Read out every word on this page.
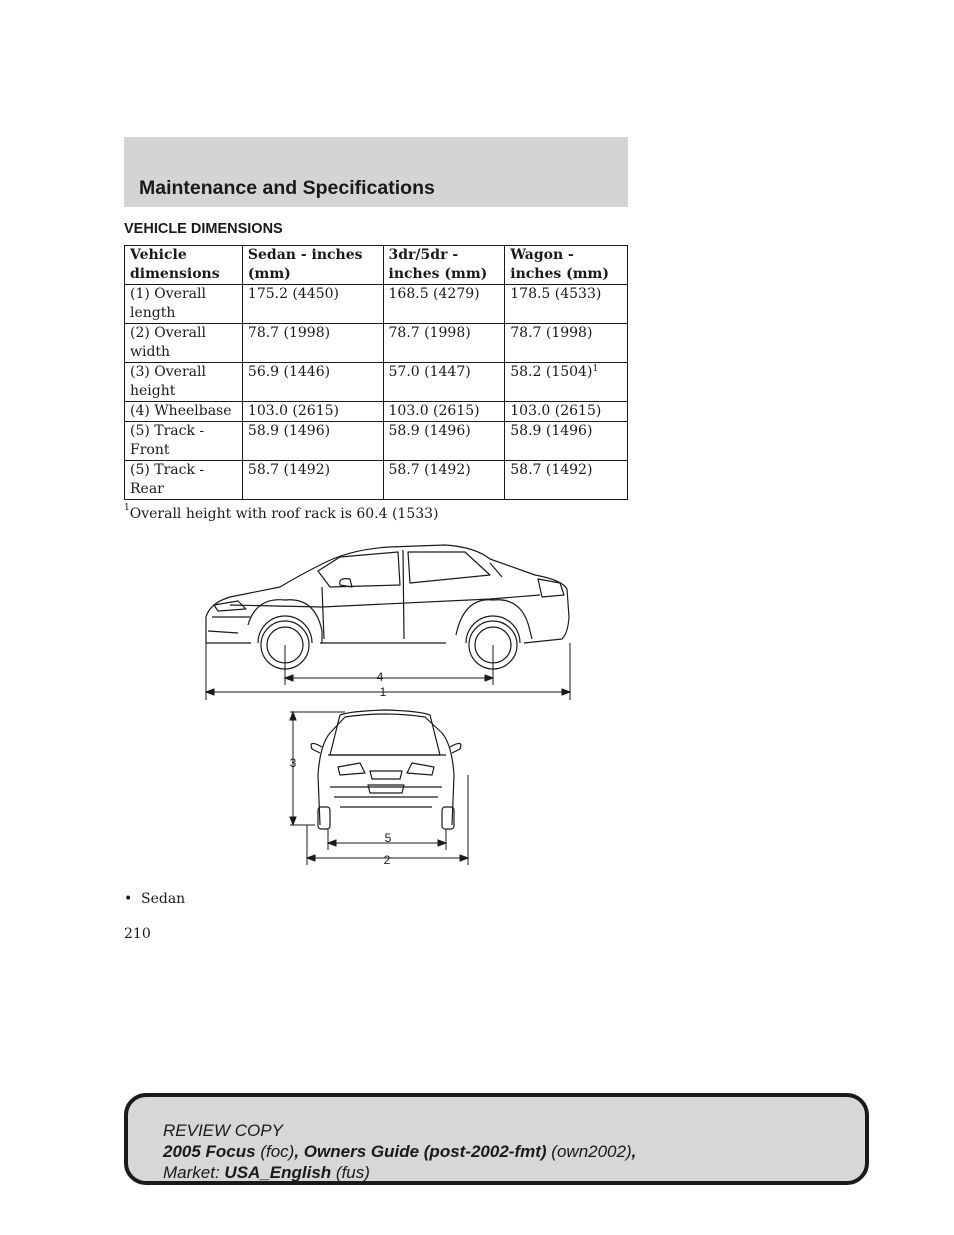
Maintenance and Specifications
VEHICLE DIMENSIONS
Vehicle dimensions	Sedan - inches (mm)	3dr/5dr - inches (mm)	Wagon - inches (mm)
(1) Overall length	175.2 (4450)	168.5 (4279)	178.5 (4533)
(2) Overall width	78.7 (1998)	78.7 (1998)	78.7 (1998)
(3) Overall height	56.9 (1446)	57.0 (1447)	58.2 $(1504)^1$
(4) Wheelbase	103.0 (2615)	103.0 (2615)	103.0 (2615)
(5) Track - Front	58.9 (1496)	58.9 (1496)	58.9 (1496)
(5) Track - Rear	58.7 (1492)	58.7 (1492)	58.7 (1492)
$^1$Overall height with roof rack is 60.4 (1533)
4
1
3
5
2
• Sedan
210
REVIEW COPY
2005 Focus (foc), Owners Guide (post-2002-fmt) (own2002),
Market: USA_English (fus)
